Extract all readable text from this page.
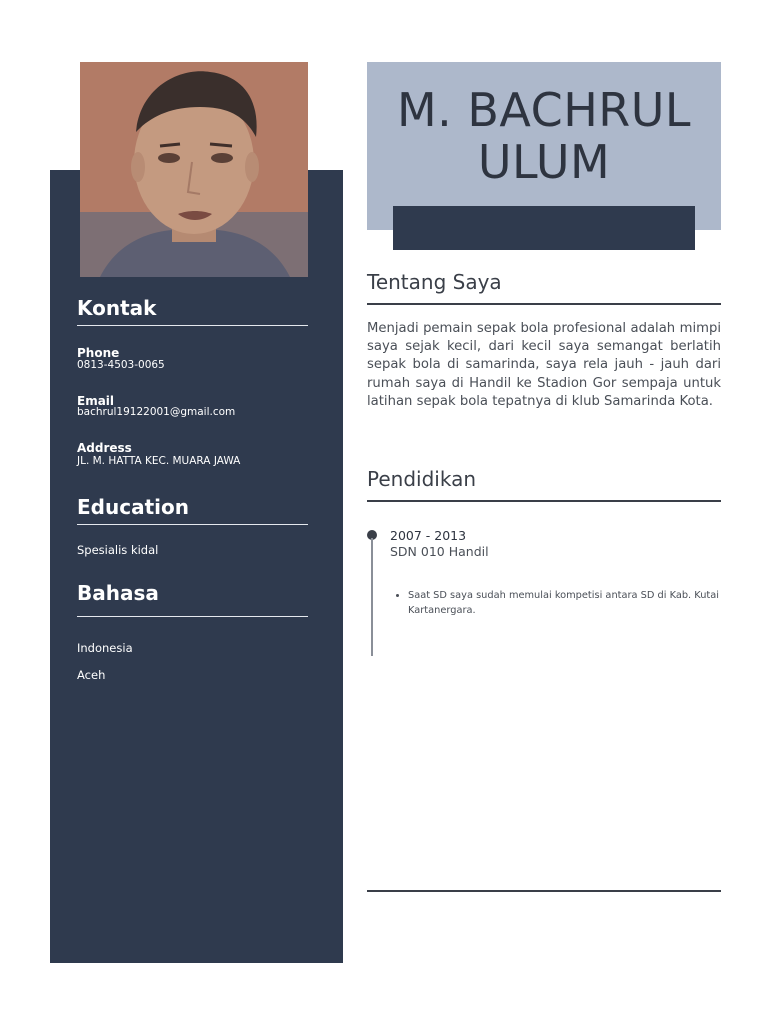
Kontak
Phone
0813-4503-0065
Email
bachrul19122001@gmail.com
Address
JL. M. HATTA KEC. MUARA JAWA
Education
Spesialis kidal
Bahasa
Indonesia
Aceh
M. BACHRUL
ULUM
Tentang Saya
Menjadi pemain sepak bola profesional adalah mimpi saya sejak kecil, dari kecil saya semangat berlatih sepak bola di samarinda, saya rela jauh - jauh dari rumah saya di Handil ke Stadion Gor sempaja untuk latihan sepak bola tepatnya di klub Samarinda Kota.
Pendidikan
2007 - 2013
SDN 010 Handil
• Saat SD saya sudah memulai kompetisi antara SD di Kab. Kutai Kartanergara.
